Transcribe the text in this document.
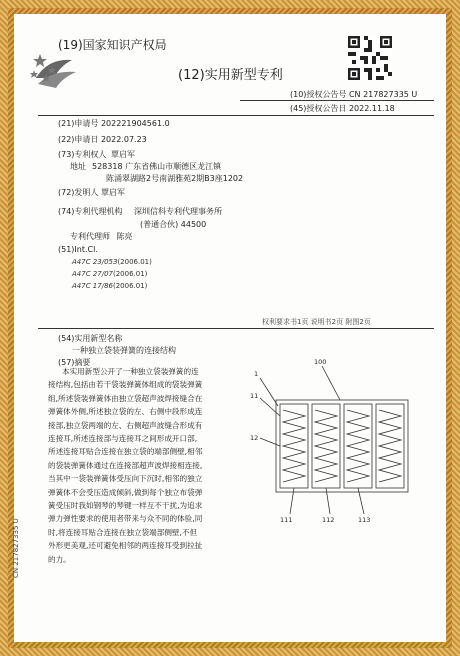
(19)国家知识产权局
(12)实用新型专利
(10)授权公告号 CN 217827335 U
(45)授权公告日 2022.11.18
(21)申请号 202221904561.0
(22)申请日 2022.07.23
(73)专利权人 覃启军
地址 528318 广东省佛山市顺德区龙江镇
陈涌翠湖路2号南湖雅苑2期B3座1202
(72)发明人 覃启军
(74)专利代理机构 深圳信科专利代理事务所
(普通合伙) 44500
专利代理师 陈亮
(51)Int.Cl.
A47C 23/053(2006.01)
A47C 27/07(2006.01)
A47C 17/86(2006.01)
权利要求书1页 说明书2页 附图2页
(54)实用新型名称
一种独立袋装弹簧的连接结构
(57)摘要
本实用新型公开了一种独立袋装弹簧的连
接结构,包括由若干袋装弹簧体组成的袋装弹簧
组,所述袋装弹簧体由独立袋超声波焊接缝合在
弹簧体外侧,所述独立袋的左、右侧中段形成连
接部,独立袋两端的左、右侧超声波缝合形成有
连接耳,所述连接部与连接耳之间形成开口部,
所述连接耳贴合连接在独立袋的端部侧壁,相邻
的袋装弹簧体通过在连接部超声波焊接相连接,
当其中一袋装弹簧体受压向下沉时,相邻的独立
弹簧体不会受压造成倾斜,做到每个独立布袋弹
簧受压时我如钢琴的琴键一样互不干扰,为追求
弹力弹性要求的使用者带来与众不同的体验,同
时,将连接耳贴合连接在独立袋端部侧壁,不但
外形更美观,还可避免相邻的两连接耳受到拉扯
的力。
100
1
11
12
111	112	113
CN 217827335 U
